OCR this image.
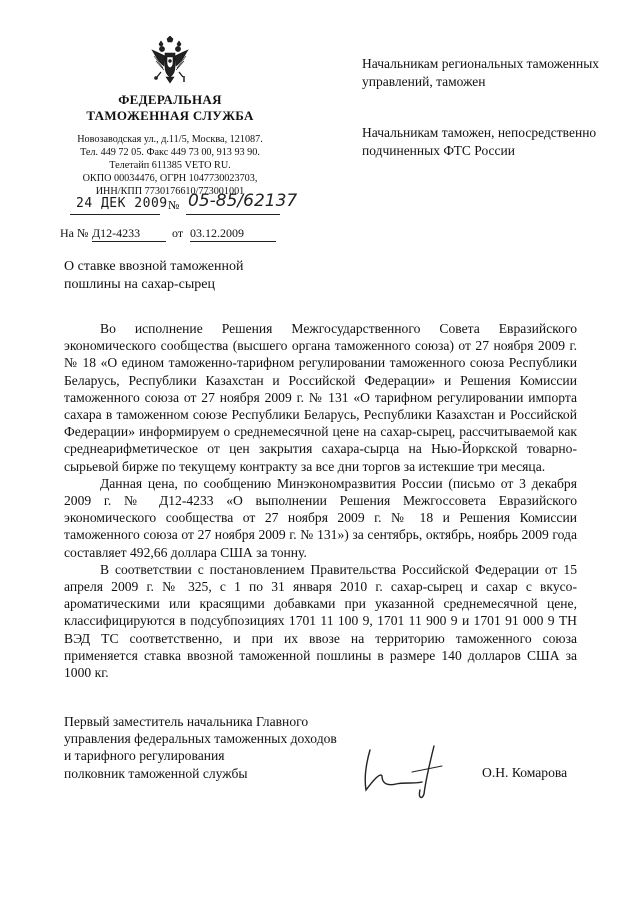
ФЕДЕРАЛЬНАЯ
ТАМОЖЕННАЯ СЛУЖБА
Новозаводская ул., д.11/5, Москва, 121087.
Тел. 449 72 05. Факс 449 73 00, 913 93 90.
Телетайп 611385 VETO RU.
ОКПО 00034476, ОГРН 1047730023703,
ИНН/КПП 7730176610/773001001
24 ДЕК 2009 № 05-85/62137
На № Д12-4233	от 03.12.2009
Начальникам региональных таможенных управлений, таможен
Начальникам таможен, непосредственно подчиненных ФТС России
О ставке ввозной таможенной пошлины на сахар-сырец

Во исполнение Решения Межгосударственного Совета Евразийского экономического сообщества (высшего органа таможенного союза) от 27 ноября 2009 г. № 18 «О едином таможенно-тарифном регулировании таможенного союза Республики Беларусь, Республики Казахстан и Российской Федерации» и Решения Комиссии таможенного союза от 27 ноября 2009 г. № 131 «О тарифном регулировании импорта сахара в таможенном союзе Республики Беларусь, Республики Казахстан и Российской Федерации» информируем о среднемесячной цене на сахар-сырец, рассчитываемой как среднеарифметическое от цен закрытия сахара-сырца на Нью-Йоркской товарно-сырьевой бирже по текущему контракту за все дни торгов за истекшие три месяца.

Данная цена, по сообщению Минэкономразвития России (письмо от 3 декабря 2009 г. № Д12-4233 «О выполнении Решения Межгоссовета Евразийского экономического сообщества от 27 ноября 2009 г. № 18 и Решения Комиссии таможенного союза от 27 ноября 2009 г. № 131») за сентябрь, октябрь, ноябрь 2009 года составляет 492,66 доллара США за тонну.

В соответствии с постановлением Правительства Российской Федерации от 15 апреля 2009 г. № 325, с 1 по 31 января 2010 г. сахар-сырец и сахар с вкусо-ароматическими или красящими добавками при указанной среднемесячной цене, классифицируются в подсубпозициях 1701 11 100 9, 1701 11 900 9 и 1701 91 000 9 ТН ВЭД ТС соответственно, и при их ввозе на территорию таможенного союза применяется ставка ввозной таможенной пошлины в размере 140 долларов США за 1000 кг.

Первый заместитель начальника Главного
управления федеральных таможенных доходов
и тарифного регулирования
полковник таможенной службы	О.Н. Комарова
